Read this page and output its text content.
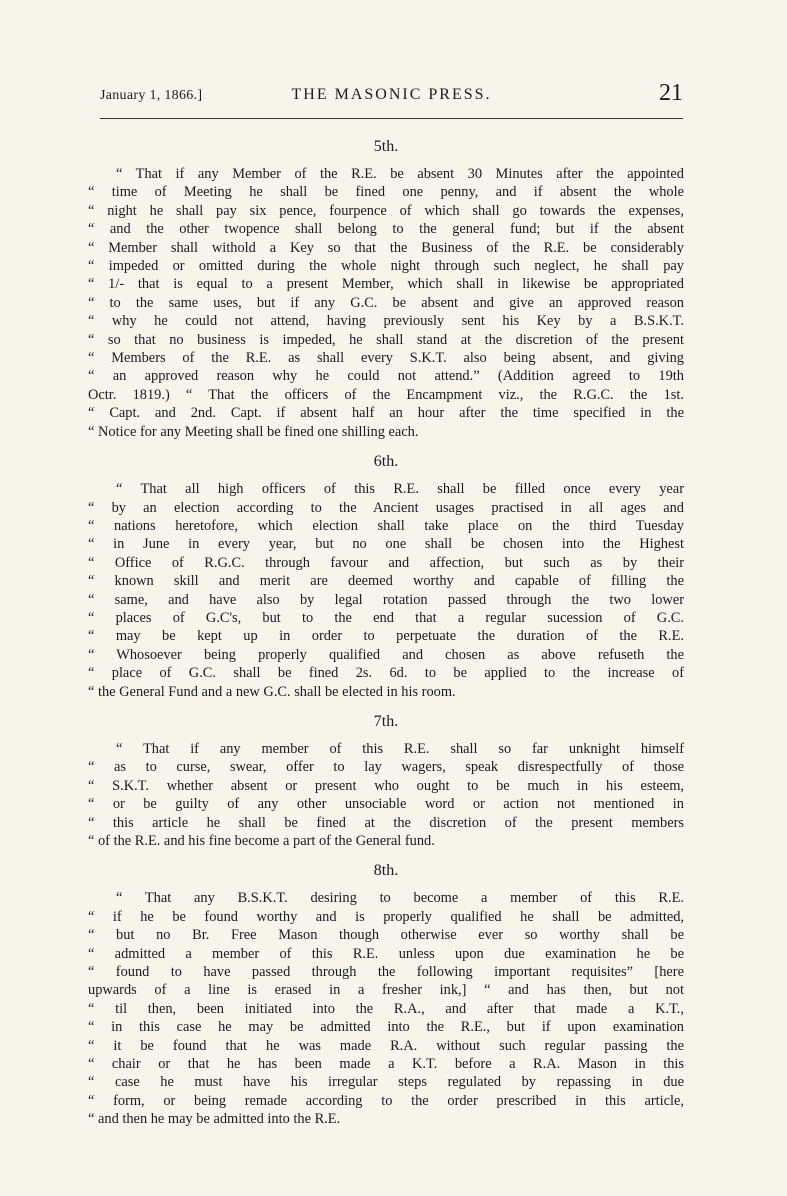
January 1, 1866.]	THE MASONIC PRESS.	21
5th.
“ That if any Member of the R.E. be absent 30 Minutes after the appointed
“ time of Meeting he shall be fined one penny, and if absent the whole
“ night he shall pay six pence, fourpence of which shall go towards the expenses,
“ and the other twopence shall belong to the general fund; but if the absent
“ Member shall withold a Key so that the Business of the R.E. be considerably
“ impeded or omitted during the whole night through such neglect, he shall pay
“ 1/- that is equal to a present Member, which shall in likewise be appropriated
“ to the same uses, but if any G.C. be absent and give an approved reason
“ why he could not attend, having previously sent his Key by a B.S.K.T.
“ so that no business is impeded, he shall stand at the discretion of the present
“ Members of the R.E. as shall every S.K.T. also being absent, and giving
“ an approved reason why he could not attend.” (Addition agreed to 19th
Octr. 1819.) “ That the officers of the Encampment viz., the R.G.C. the 1st.
“ Capt. and 2nd. Capt. if absent half an hour after the time specified in the
“ Notice for any Meeting shall be fined one shilling each.
6th.
“ That all high officers of this R.E. shall be filled once every year
“ by an election according to the Ancient usages practised in all ages and
“ nations heretofore, which election shall take place on the third Tuesday
“ in June in every year, but no one shall be chosen into the Highest
“ Office of R.G.C. through favour and affection, but such as by their
“ known skill and merit are deemed worthy and capable of filling the
“ same, and have also by legal rotation passed through the two lower
“ places of G.C's, but to the end that a regular sucession of G.C.
“ may be kept up in order to perpetuate the duration of the R.E.
“ Whosoever being properly qualified and chosen as above refuseth the
“ place of G.C. shall be fined 2s. 6d. to be applied to the increase of
“ the General Fund and a new G.C. shall be elected in his room.
7th.
“ That if any member of this R.E. shall so far unknight himself
“ as to curse, swear, offer to lay wagers, speak disrespectfully of those
“ S.K.T. whether absent or present who ought to be much in his esteem,
“ or be guilty of any other unsociable word or action not mentioned in
“ this article he shall be fined at the discretion of the present members
“ of the R.E. and his fine become a part of the General fund.
8th.
“ That any B.S.K.T. desiring to become a member of this R.E.
“ if he be found worthy and is properly qualified he shall be admitted,
“ but no Br. Free Mason though otherwise ever so worthy shall be
“ admitted a member of this R.E. unless upon due examination he be
“ found to have passed through the following important requisites” [here
upwards of a line is erased in a fresher ink,] “ and has then, but not
“ til then, been initiated into the R.A., and after that made a K.T.,
“ in this case he may be admitted into the R.E., but if upon examination
“ it be found that he was made R.A. without such regular passing the
“ chair or that he has been made a K.T. before a R.A. Mason in this
“ case he must have his irregular steps regulated by repassing in due
“ form, or being remade according to the order prescribed in this article,
“ and then he may be admitted into the R.E.
